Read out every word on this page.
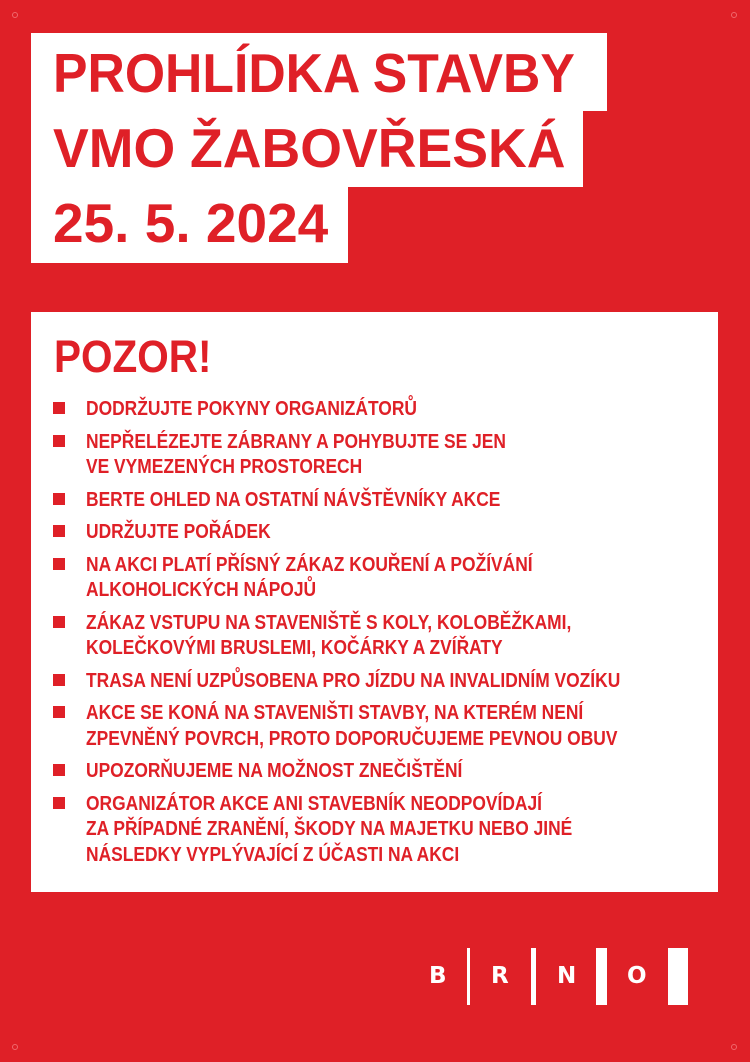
PROHLÍDKA STAVBY
VMO ŽABOVŘESKÁ
25. 5. 2024
POZOR!
DODRŽUJTE POKYNY ORGANIZÁTORŮ
NEPŘELÉZEJTE ZÁBRANY A POHYBUJTE SE JEN
VE VYMEZENÝCH PROSTORECH
BERTE OHLED NA OSTATNÍ NÁVŠTĚVNÍKY AKCE
UDRŽUJTE POŘÁDEK
NA AKCI PLATÍ PŘÍSNÝ ZÁKAZ KOUŘENÍ A POŽÍVÁNÍ
ALKOHOLICKÝCH NÁPOJŮ
ZÁKAZ VSTUPU NA STAVENIŠTĚ S KOLY, KOLOBĚŽKAMI,
KOLEČKOVÝMI BRUSLEMI, KOČÁRKY A ZVÍŘATY
TRASA NENÍ UZPŮSOBENA PRO JÍZDU NA INVALIDNÍM VOZÍKU
AKCE SE KONÁ NA STAVENIŠTI STAVBY, NA KTERÉM NENÍ
ZPEVNĚNÝ POVRCH, PROTO DOPORUČUJEME PEVNOU OBUV
UPOZORŇUJEME NA MOŽNOST ZNEČIŠTĚNÍ
ORGANIZÁTOR AKCE ANI STAVEBNÍK NEODPOVÍDAJÍ
ZA PŘÍPADNÉ ZRANĚNÍ, ŠKODY NA MAJETKU NEBO JINÉ
NÁSLEDKY VYPLÝVAJÍCÍ Z ÚČASTI NA AKCI
B R N O
